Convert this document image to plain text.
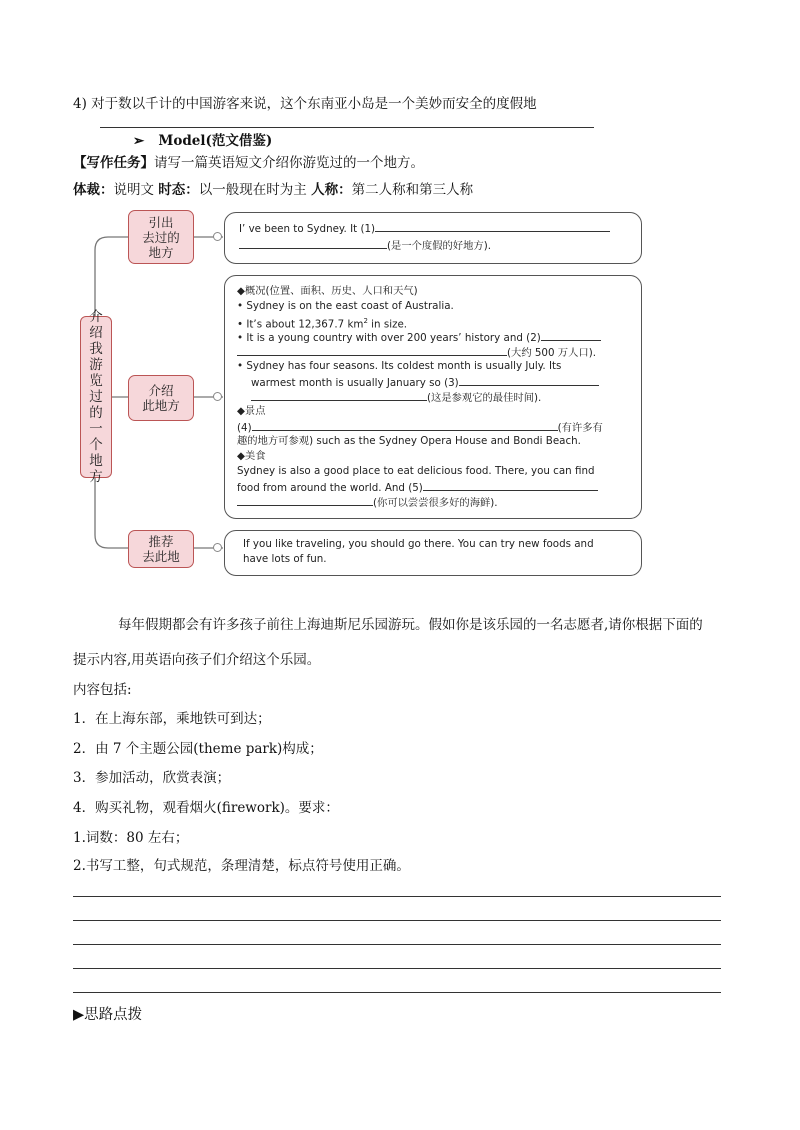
4) 对于数以千计的中国游客来说，这个东南亚小岛是一个美妙而安全的度假地
➢ Model(范文借鉴)
【写作任务】请写一篇英语短文介绍你游览过的一个地方。
体裁：说明文 时态：以一般现在时为主 人称：第二人称和第三人称
介绍我游览过的一个地方
引出
去过的
地方
介绍
此地方
推荐
去此地
I’ ve been to Sydney. It (1)
(是一个度假的好地方).
◆概况(位置、面积、历史、人口和天气)
• Sydney is on the east coast of Australia.
• It’s about 12,367.7 $km^2$ in size.
• It is a young country with over 200 years’ history and (2)
(大约 500 万人口).
• Sydney has four seasons. Its coldest month is usually July. Its
warmest month is usually January so (3)
(这是参观它的最佳时间).
◆景点
(4)	(有许多有
趣的地方可参观) such as the Sydney Opera House and Bondi Beach.
◆美食
Sydney is also a good place to eat delicious food. There, you can find
food from around the world. And (5)
(你可以尝尝很多好的海鲜).
If you like traveling, you should go there. You can try new foods and
have lots of fun.
每年假期都会有许多孩子前往上海迪斯尼乐园游玩。假如你是该乐园的一名志愿者,请你根据下面的
提示内容,用英语向孩子们介绍这个乐园。
内容包括:
1．在上海东部，乘地铁可到达；
2．由 7 个主题公园(theme park)构成；
3．参加活动，欣赏表演；
4．购买礼物，观看烟火(firework)。要求：
1.词数：80 左右；
2.书写工整，句式规范，条理清楚，标点符号使用正确。
▶思路点拨
